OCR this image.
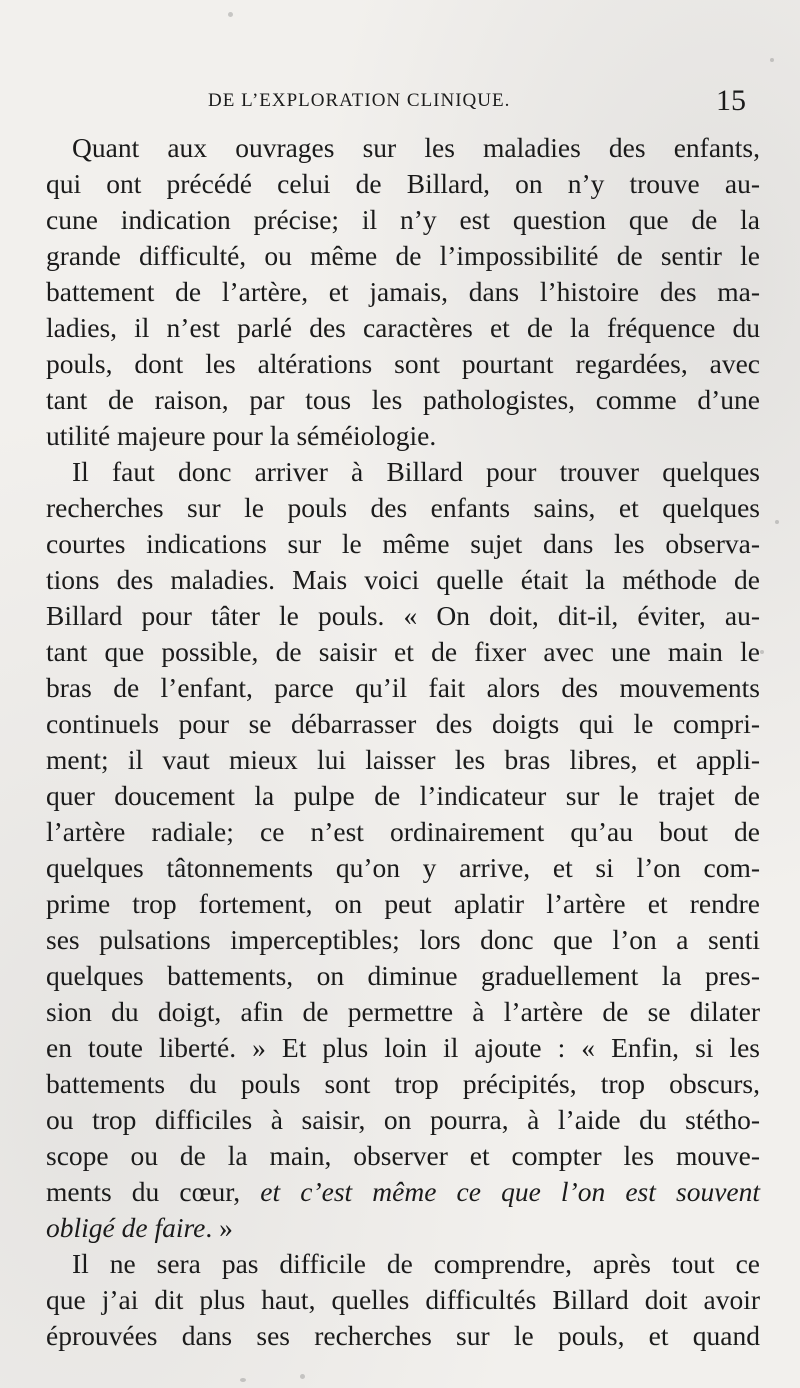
DE L’EXPLORATION CLINIQUE.	15
Quant aux ouvrages sur les maladies des enfants,
qui ont précédé celui de Billard, on n’y trouve au-
cune indication précise; il n’y est question que de la
grande difficulté, ou même de l’impossibilité de sentir le
battement de l’artère, et jamais, dans l’histoire des ma-
ladies, il n’est parlé des caractères et de la fréquence du
pouls, dont les altérations sont pourtant regardées, avec
tant de raison, par tous les pathologistes, comme d’une
utilité majeure pour la séméiologie.
Il faut donc arriver à Billard pour trouver quelques
recherches sur le pouls des enfants sains, et quelques
courtes indications sur le même sujet dans les observa-
tions des maladies. Mais voici quelle était la méthode de
Billard pour tâter le pouls. « On doit, dit-il, éviter, au-
tant que possible, de saisir et de fixer avec une main le
bras de l’enfant, parce qu’il fait alors des mouvements
continuels pour se débarrasser des doigts qui le compri-
ment; il vaut mieux lui laisser les bras libres, et appli-
quer doucement la pulpe de l’indicateur sur le trajet de
l’artère radiale; ce n’est ordinairement qu’au bout de
quelques tâtonnements qu’on y arrive, et si l’on com-
prime trop fortement, on peut aplatir l’artère et rendre
ses pulsations imperceptibles; lors donc que l’on a senti
quelques battements, on diminue graduellement la pres-
sion du doigt, afin de permettre à l’artère de se dilater
en toute liberté. » Et plus loin il ajoute : « Enfin, si les
battements du pouls sont trop précipités, trop obscurs,
ou trop difficiles à saisir, on pourra, à l’aide du stétho-
scope ou de la main, observer et compter les mouve-
ments du cœur, et c’est même ce que l’on est souvent
obligé de faire. »
Il ne sera pas difficile de comprendre, après tout ce
que j’ai dit plus haut, quelles difficultés Billard doit avoir
éprouvées dans ses recherches sur le pouls, et quand
